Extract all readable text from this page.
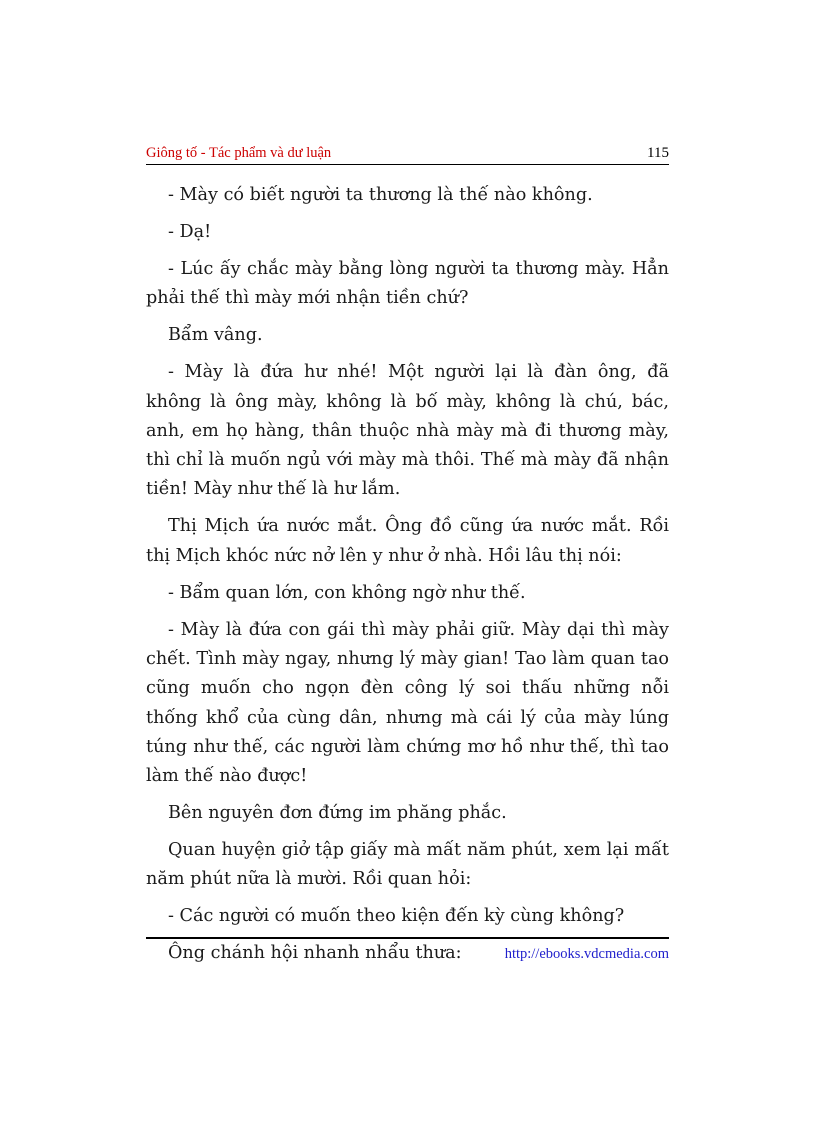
Giông tố - Tác phẩm và dư luận	115

- Mày có biết người ta thương là thế nào không.

- Dạ!

- Lúc ấy chắc mày bằng lòng người ta thương mày. Hẳn phải thế thì mày mới nhận tiền chứ?

Bẩm vâng.

- Mày là đứa hư nhé! Một người lại là đàn ông, đã không là ông mày, không là bố mày, không là chú, bác, anh, em họ hàng, thân thuộc nhà mày mà đi thương mày, thì chỉ là muốn ngủ với mày mà thôi. Thế mà mày đã nhận tiền! Mày như thế là hư lắm.

Thị Mịch ứa nước mắt. Ông đồ cũng ứa nước mắt. Rồi thị Mịch khóc nức nở lên y như ở nhà. Hồi lâu thị nói:

- Bẩm quan lớn, con không ngờ như thế.

- Mày là đứa con gái thì mày phải giữ. Mày dại thì mày chết. Tình mày ngay, nhưng lý mày gian! Tao làm quan tao cũng muốn cho ngọn đèn công lý soi thấu những nỗi thống khổ của cùng dân, nhưng mà cái lý của mày lúng túng như thế, các người làm chứng mơ hồ như thế, thì tao làm thế nào được!

Bên nguyên đơn đứng im phăng phắc.

Quan huyện giở tập giấy mà mất năm phút, xem lại mất năm phút nữa là mười. Rồi quan hỏi:

- Các người có muốn theo kiện đến kỳ cùng không?

Ông chánh hội nhanh nhẩu thưa:	http://ebooks.vdcmedia.com
